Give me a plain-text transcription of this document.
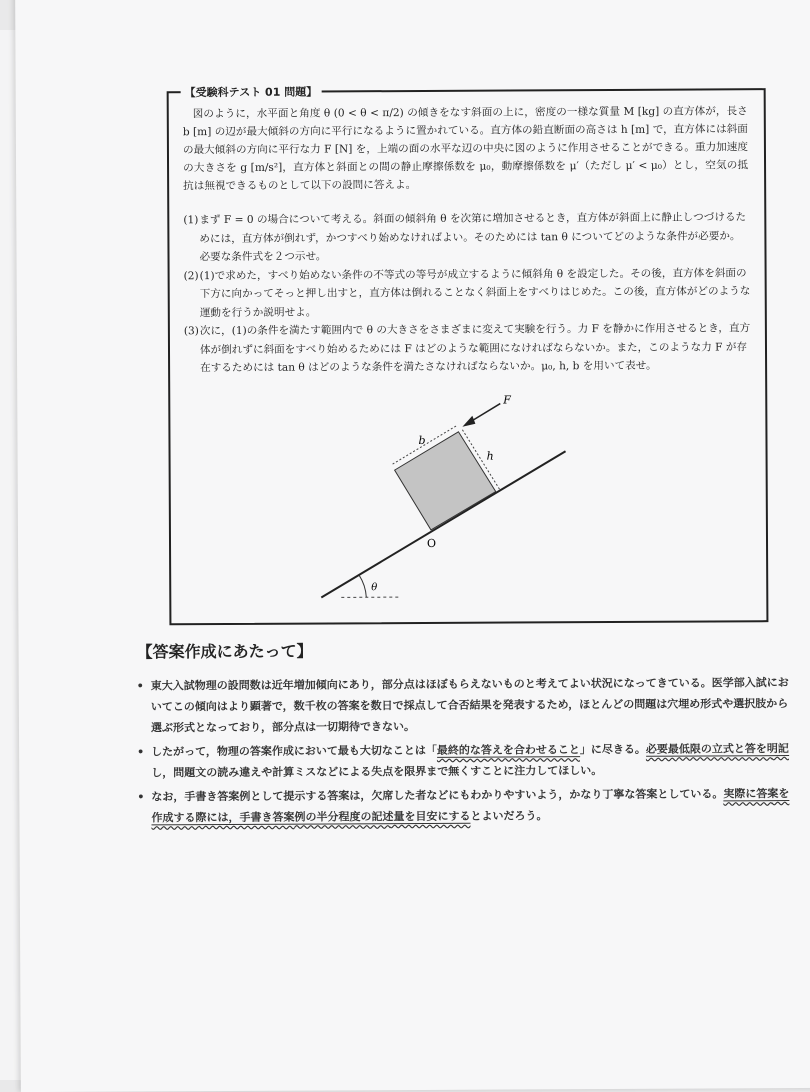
【受験科テスト 01 問題】
図のように，水平面と角度 θ (0 < θ < π/2) の傾きをなす斜面の上に，密度の一様な質量 M [kg] の直方体が，長さ b [m] の辺が最大傾斜の方向に平行になるように置かれている。直方体の鉛直断面の高さは h [m] で，直方体には斜面の最大傾斜の方向に平行な力 F [N] を，上端の面の水平な辺の中央に図のように作用させることができる。重力加速度の大きさを g [m/s²]，直方体と斜面との間の静止摩擦係数を μ₀，動摩擦係数を μ′（ただし μ′ < μ₀）とし，空気の抵抗は無視できるものとして以下の設問に答えよ。
(1) まず F = 0 の場合について考える。斜面の傾斜角 θ を次第に増加させるとき，直方体が斜面上に静止しつづけるためには，直方体が倒れず，かつすべり始めなければよい。そのためには tan θ についてどのような条件が必要か。必要な条件式を２つ示せ。
(2) (1)で求めた，すべり始めない条件の不等式の等号が成立するように傾斜角 θ を設定した。その後，直方体を斜面の下方に向かってそっと押し出すと，直方体は倒れることなく斜面上をすべりはじめた。この後，直方体がどのような運動を行うか説明せよ。
(3) 次に，(1)の条件を満たす範囲内で θ の大きさをさまざまに変えて実験を行う。力 F を静かに作用させるとき，直方体が倒れずに斜面をすべり始めるためには F はどのような範囲になければならないか。また，このような力 F が存在するためには tan θ はどのような条件を満たさなければならないか。μ₀, h, b を用いて表せ。
F
b
h
O
θ
【答案作成にあたって】
• 東大入試物理の設問数は近年増加傾向にあり，部分点はほぼもらえないものと考えてよい状況になってきている。医学部入試においてこの傾向はより顕著で，数千枚の答案を数日で採点して合否結果を発表するため，ほとんどの問題は穴埋め形式や選択肢から選ぶ形式となっており，部分点は一切期待できない。
• したがって，物理の答案作成において最も大切なことは「最終的な答えを合わせること」に尽きる。必要最低限の立式と答を明記し，問題文の読み違えや計算ミスなどによる失点を限界まで無くすことに注力してほしい。
• なお，手書き答案例として提示する答案は，欠席した者などにもわかりやすいよう，かなり丁寧な答案としている。実際に答案を作成する際には，手書き答案例の半分程度の記述量を目安にするとよいだろう。
